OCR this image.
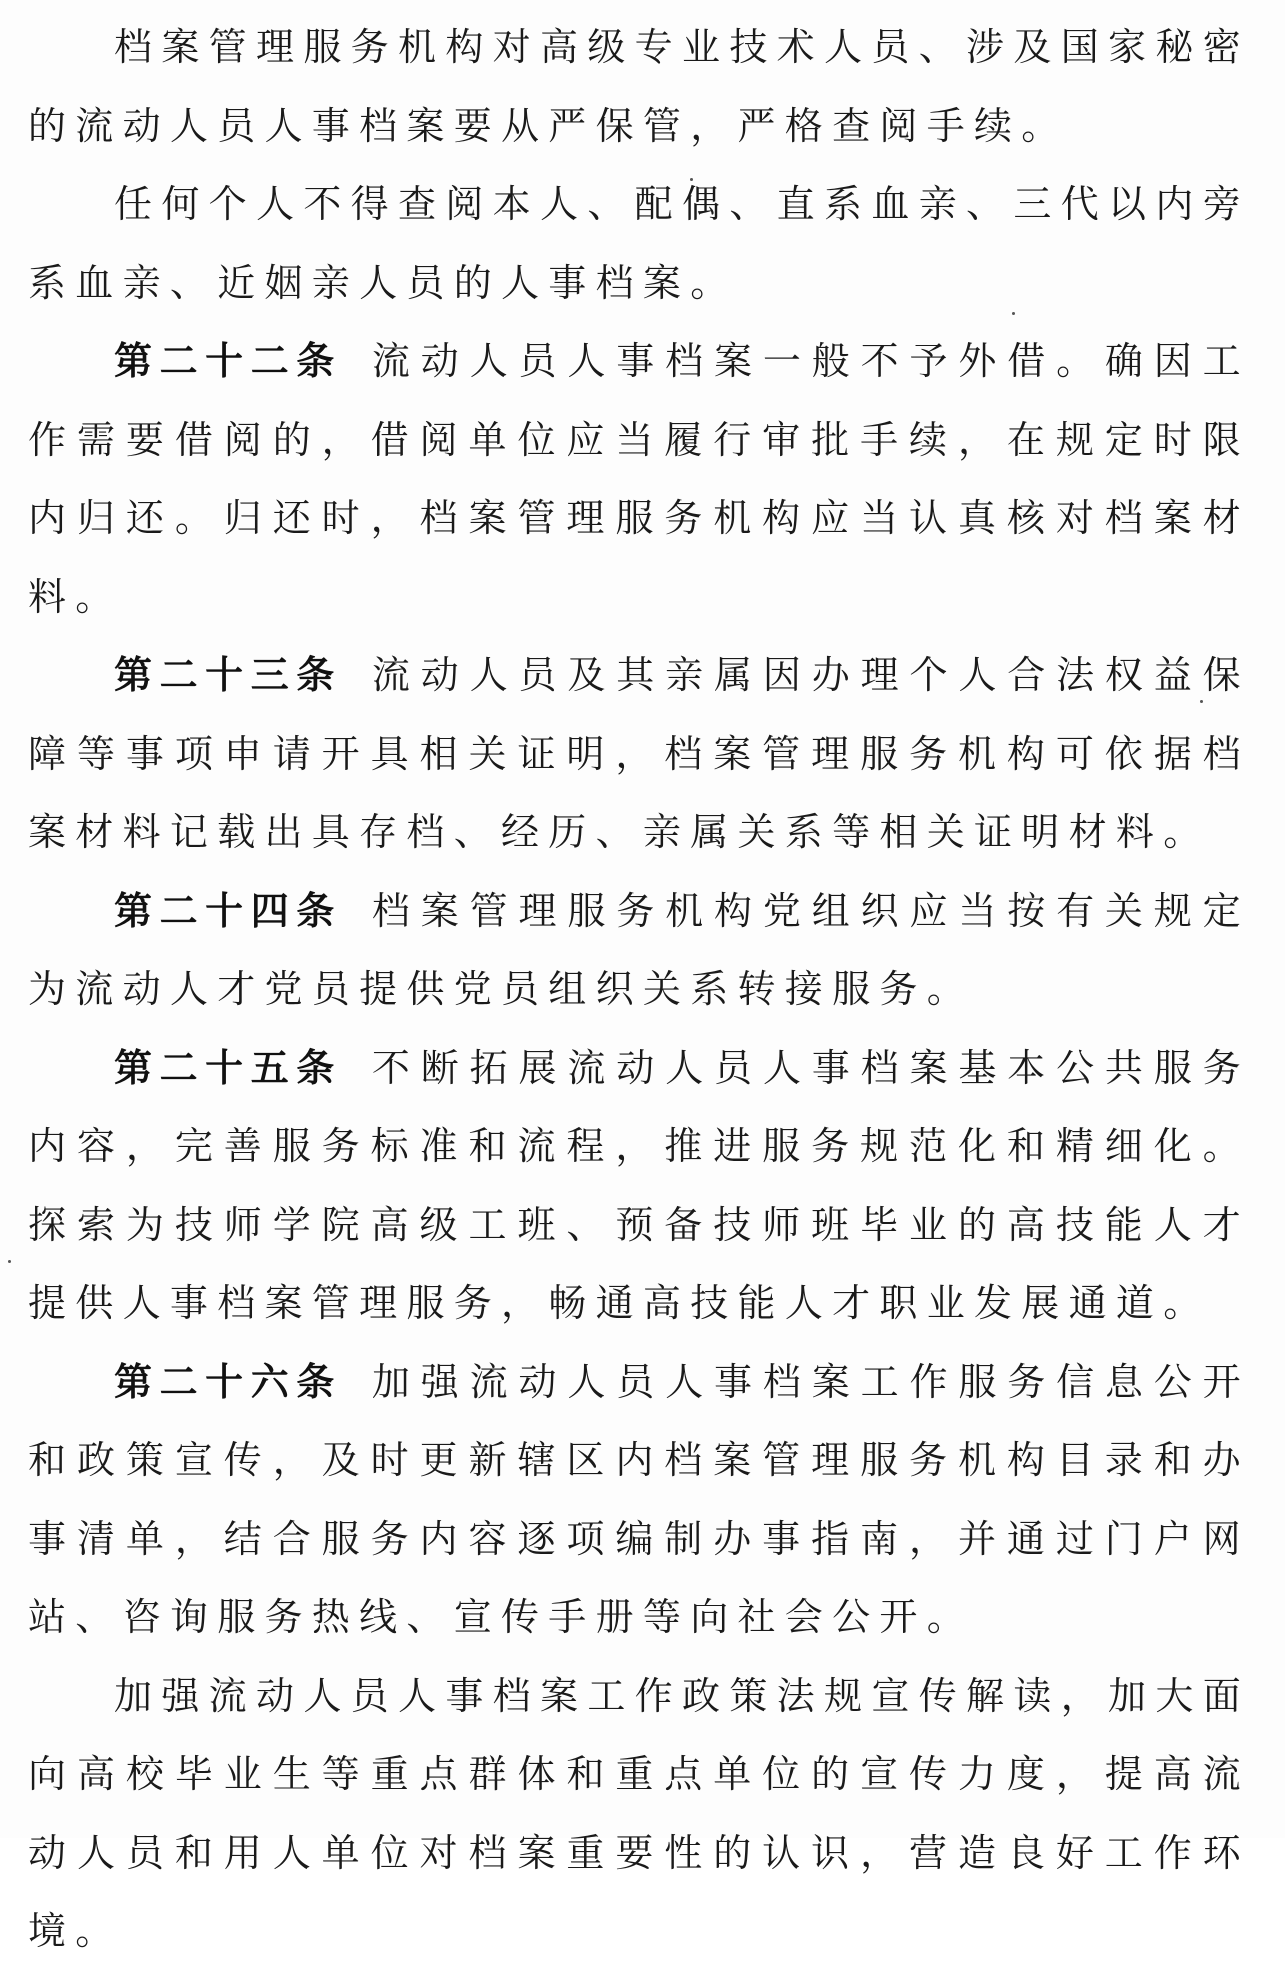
档案管理服务机构对高级专业技术人员、涉及国家秘密的流动人员人事档案要从严保管，严格查阅手续。

任何个人不得查阅本人、配偶、直系血亲、三代以内旁系血亲、近姻亲人员的人事档案。

第二十二条 流动人员人事档案一般不予外借。确因工作需要借阅的，借阅单位应当履行审批手续，在规定时限内归还。归还时，档案管理服务机构应当认真核对档案材料。

第二十三条 流动人员及其亲属因办理个人合法权益保障等事项申请开具相关证明，档案管理服务机构可依据档案材料记载出具存档、经历、亲属关系等相关证明材料。

第二十四条 档案管理服务机构党组织应当按有关规定为流动人才党员提供党员组织关系转接服务。

第二十五条 不断拓展流动人员人事档案基本公共服务内容，完善服务标准和流程，推进服务规范化和精细化。探索为技师学院高级工班、预备技师班毕业的高技能人才提供人事档案管理服务，畅通高技能人才职业发展通道。

第二十六条 加强流动人员人事档案工作服务信息公开和政策宣传，及时更新辖区内档案管理服务机构目录和办事清单，结合服务内容逐项编制办事指南，并通过门户网站、咨询服务热线、宣传手册等向社会公开。

加强流动人员人事档案工作政策法规宣传解读，加大面向高校毕业生等重点群体和重点单位的宣传力度，提高流动人员和用人单位对档案重要性的认识，营造良好工作环境。
